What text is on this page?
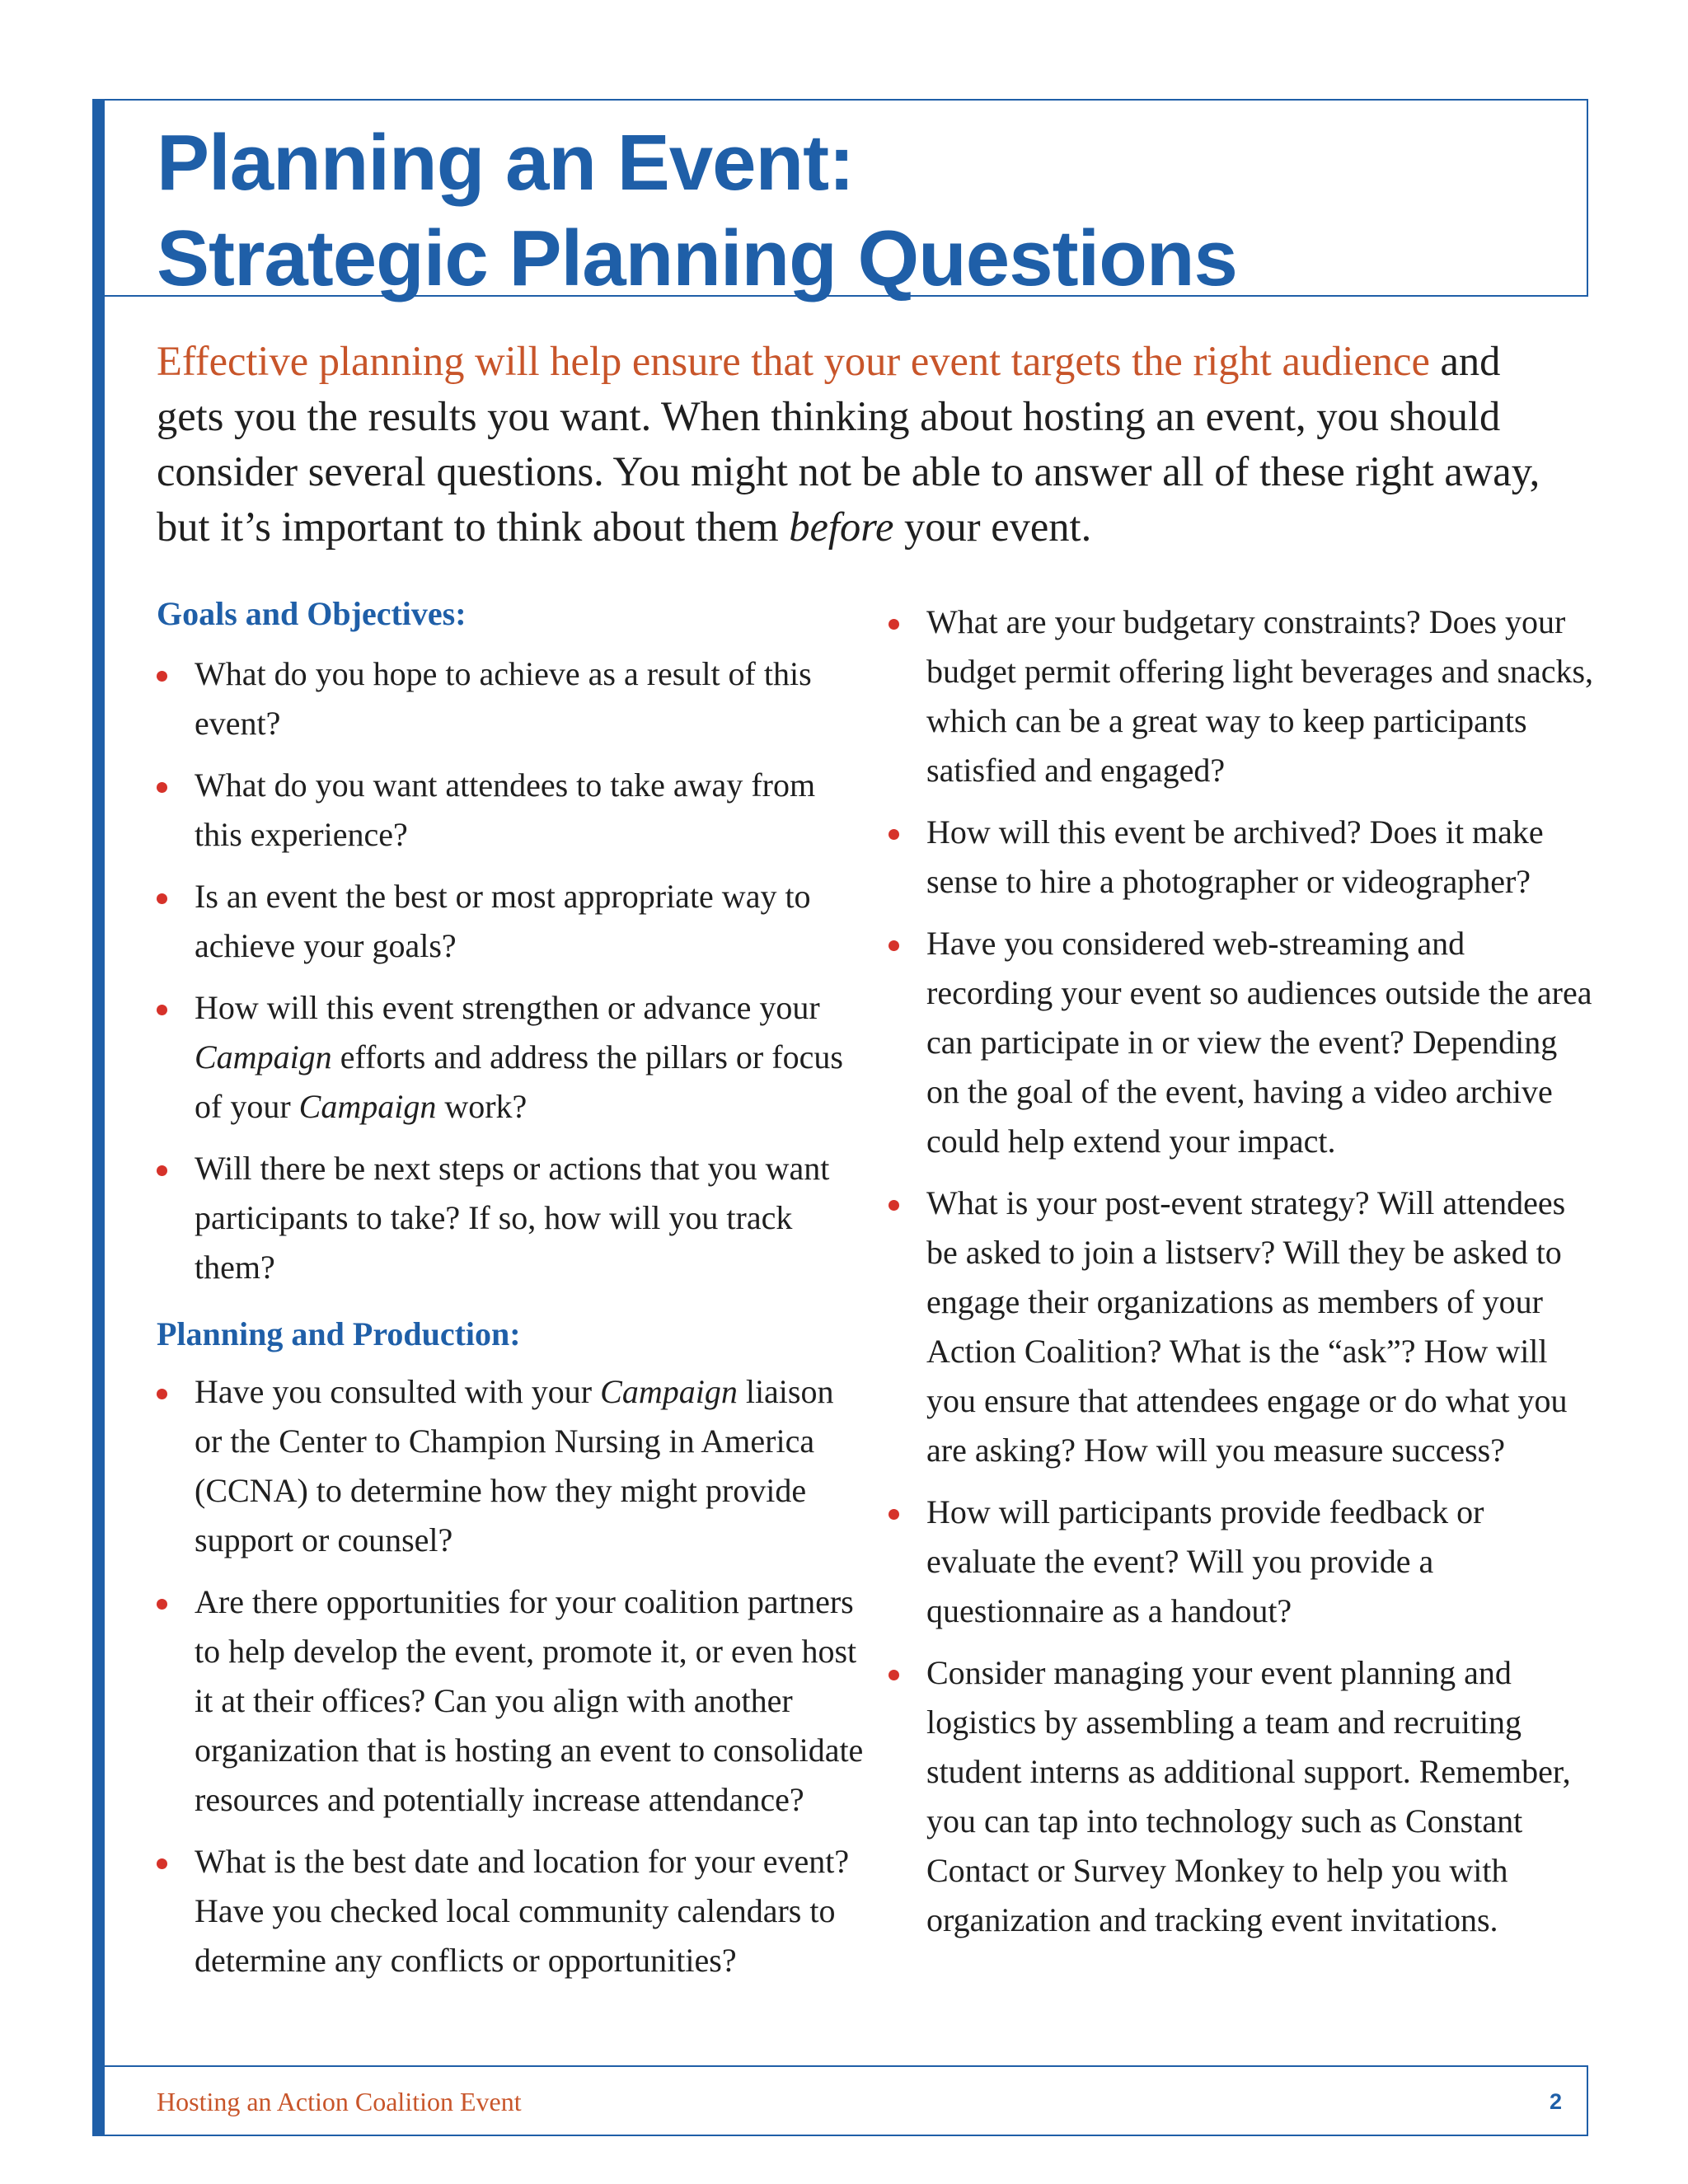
Planning an Event:
Strategic Planning Questions

Effective planning will help ensure that your event targets the right audience and gets you the results you want. When thinking about hosting an event, you should consider several questions. You might not be able to answer all of these right away, but it’s important to think about them before your event.

Goals and Objectives:
What do you hope to achieve as a result of this event?
What do you want attendees to take away from this experience?
Is an event the best or most appropriate way to achieve your goals?
How will this event strengthen or advance your Campaign efforts and address the pillars or focus of your Campaign work?
Will there be next steps or actions that you want participants to take? If so, how will you track them?
Planning and Production:
Have you consulted with your Campaign liaison or the Center to Champion Nursing in America (CCNA) to determine how they might provide support or counsel?
Are there opportunities for your coalition partners to help develop the event, promote it, or even host it at their offices? Can you align with another organization that is hosting an event to consolidate resources and potentially increase attendance?
What is the best date and location for your event? Have you checked local community calendars to determine any conflicts or opportunities?
What are your budgetary constraints? Does your budget permit offering light beverages and snacks, which can be a great way to keep participants satisfied and engaged?
How will this event be archived? Does it make sense to hire a photographer or videographer?
Have you considered web-streaming and recording your event so audiences outside the area can participate in or view the event? Depending on the goal of the event, having a video archive could help extend your impact.
What is your post-event strategy? Will attendees be asked to join a listserv? Will they be asked to engage their organizations as members of your Action Coalition? What is the “ask”? How will you ensure that attendees engage or do what you are asking? How will you measure success?
How will participants provide feedback or evaluate the event? Will you provide a questionnaire as a handout?
Consider managing your event planning and logistics by assembling a team and recruiting student interns as additional support. Remember, you can tap into technology such as Constant Contact or Survey Monkey to help you with organization and tracking event invitations.
Hosting an Action Coalition Event	2
